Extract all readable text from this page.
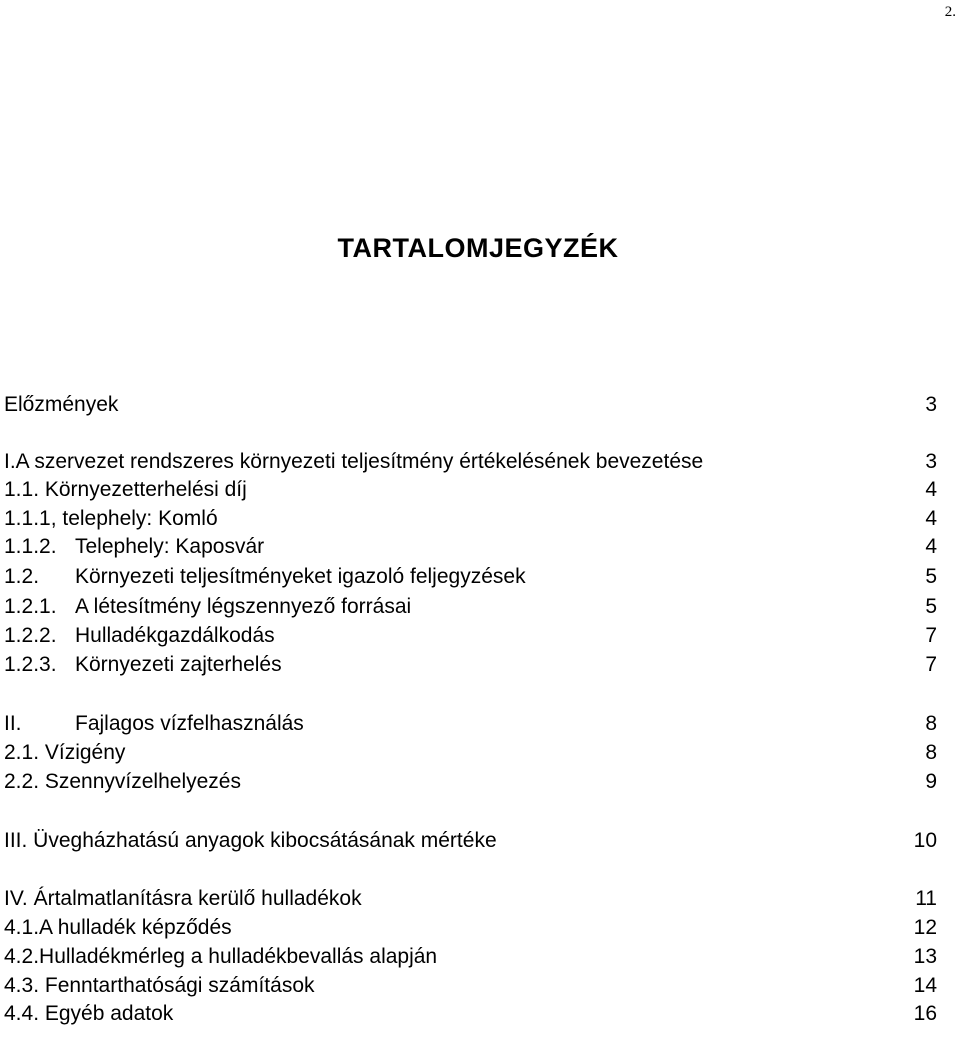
2.
TARTALOMJEGYZÉK
Előzmények	3
I.A szervezet rendszeres környezeti teljesítmény értékelésének bevezetése	3
1.1. Környezetterhelési díj	4
1.1.1, telephely: Komló	4
1.1.2. Telephely: Kaposvár	4
1.2. Környezeti teljesítményeket igazoló feljegyzések	5
1.2.1. A létesítmény légszennyező forrásai	5
1.2.2. Hulladékgazdálkodás	7
1.2.3. Környezeti zajterhelés	7
II.	Fajlagos vízfelhasználás	8
2.1. Vízigény	8
2.2. Szennyvízelhelyezés	9
III. Üvegházhatású anyagok kibocsátásának mértéke	10
IV. Ártalmatlanításra kerülő hulladékok	11
4.1.A hulladék képződés	12
4.2.Hulladékmérleg a hulladékbevallás alapján	13
4.3. Fenntarthatósági számítások	14
4.4. Egyéb adatok	16
